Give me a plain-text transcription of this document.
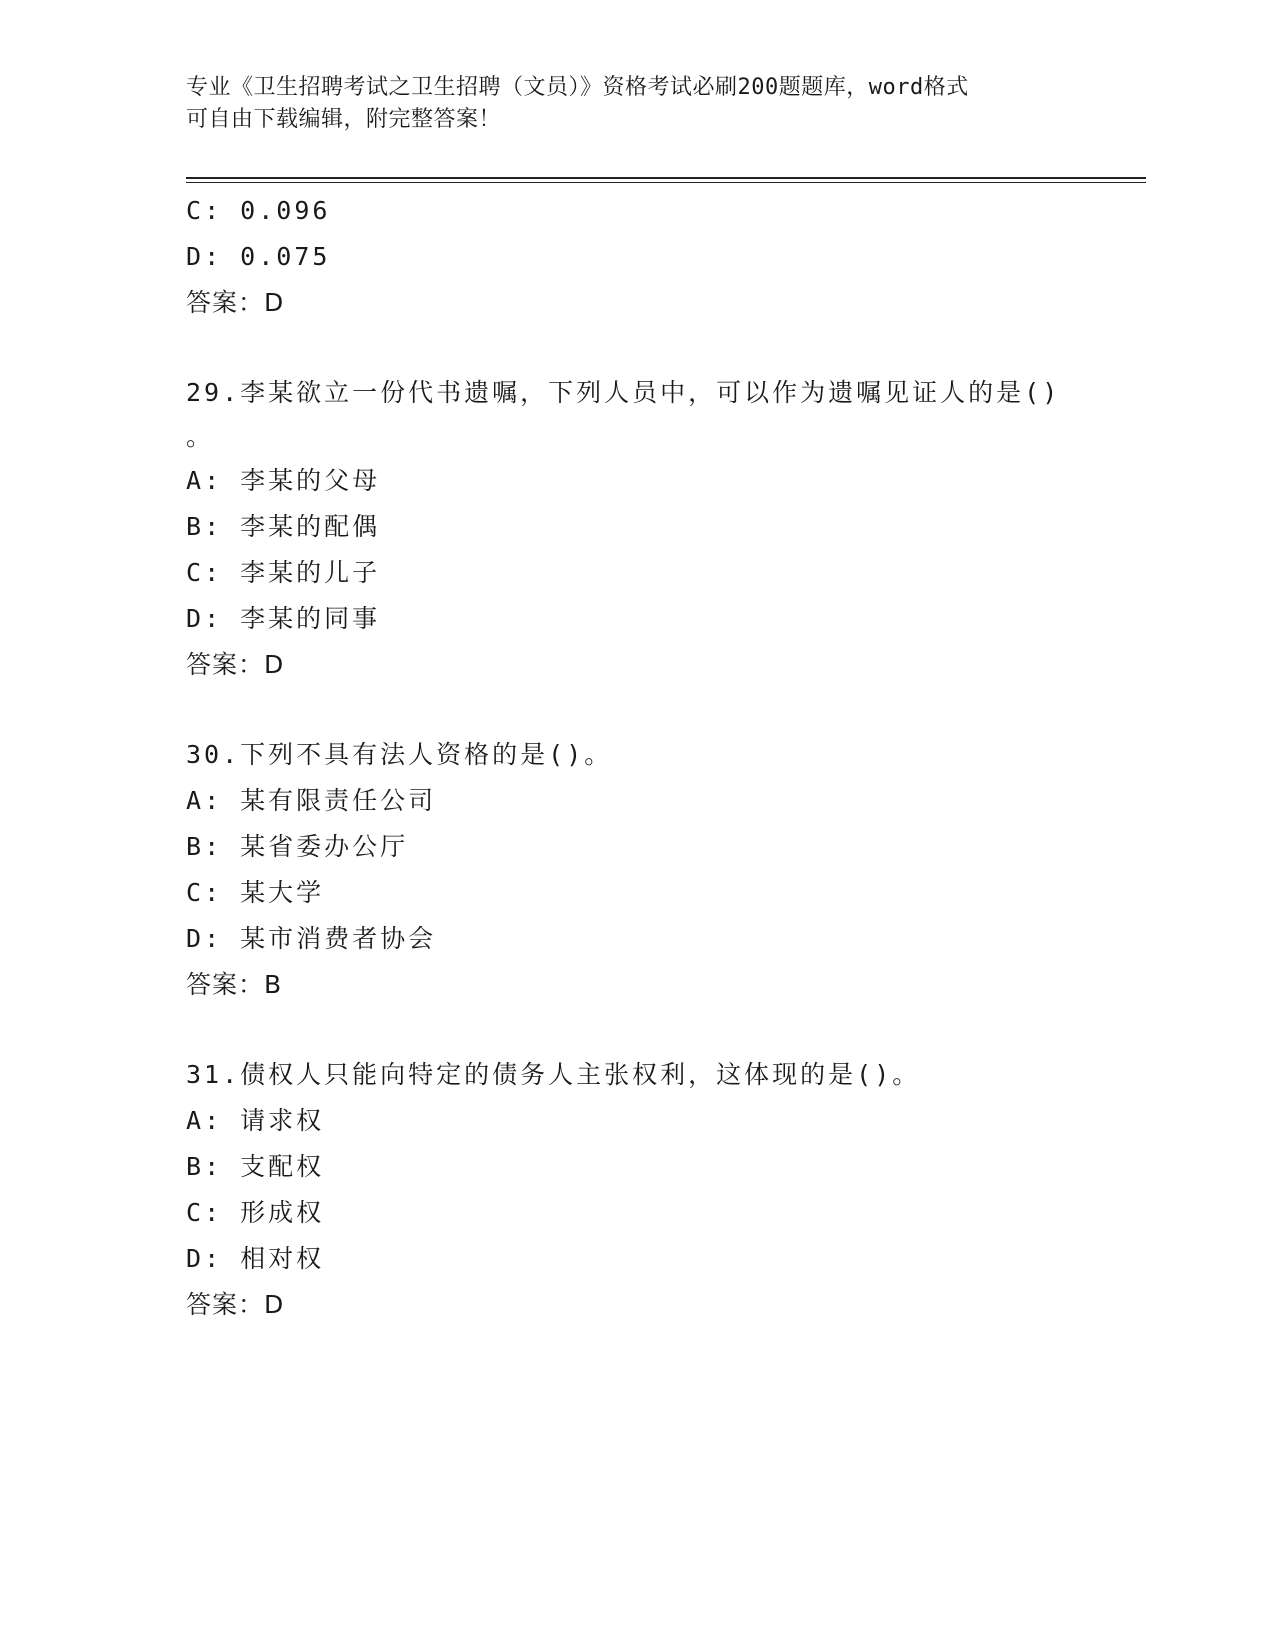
专业《卫生招聘考试之卫生招聘（文员）》资格考试必刷200题题库，word格式
可自由下载编辑，附完整答案！
C: 0.096
D: 0.075
答案：D
29.李某欲立一份代书遗嘱，下列人员中，可以作为遗嘱见证人的是()
。
A: 李某的父母
B: 李某的配偶
C: 李某的儿子
D: 李某的同事
答案：D
30.下列不具有法人资格的是()。
A: 某有限责任公司
B: 某省委办公厅
C: 某大学
D: 某市消费者协会
答案：B
31.债权人只能向特定的债务人主张权利，这体现的是()。
A: 请求权
B: 支配权
C: 形成权
D: 相对权
答案：D
